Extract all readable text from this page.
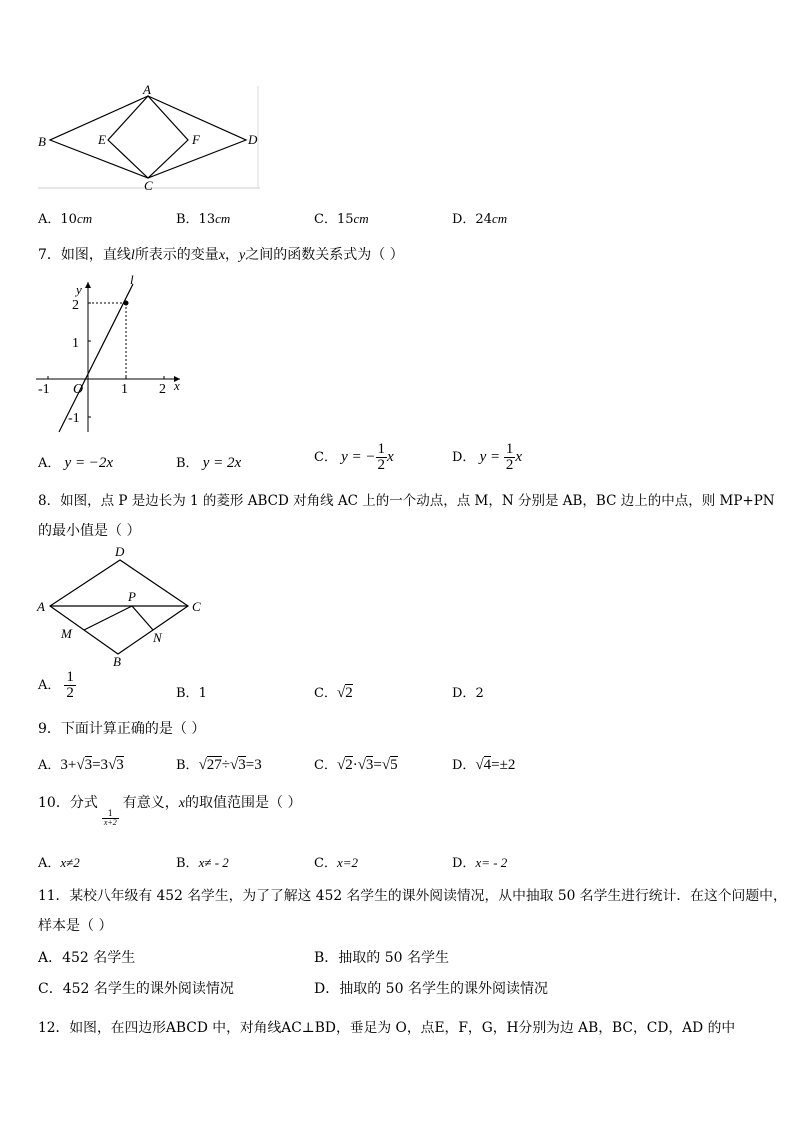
A
B	E	F	D
C
A．10cm	B．13cm	C．15cm	D．24cm
7．如图，直线l所表示的变量x，y之间的函数关系式为（ ）
l
y
x
O
2
1
-1
-1	1 2
A． y = −2x	B． y = 2x	C． y = − $\frac{1}{2}$ x	D． $y = \frac{1}{2}$ x
8．如图，点 P 是边长为 1 的菱形 ABCD 对角线 AC 上的一个动点，点 M，N 分别是 AB，BC 边上的中点，则 MP+PN
的最小值是（ ）
D
A
P
C
M	N
B
A． $\frac{1}{2}$	B．1	C．√2	D．2
9．下面计算正确的是（ ）
A．3+√3=3√3	B．√27÷√3=3	C．√2·√3=√5	D．√4=±2
10．分式
$\frac{1}{x+2}$
有意义，x的取值范围是（ ）
A．x≠2	B．x≠ - 2	C．x=2	D．x= - 2
11．某校八年级有 452 名学生，为了了解这 452 名学生的课外阅读情况，从中抽取 50 名学生进行统计．在这个问题中，
样本是（ ）
A．452 名学生	B．抽取的 50 名学生
C．452 名学生的课外阅读情况	D．抽取的 50 名学生的课外阅读情况
12．如图，在四边形ABCD 中，对角线AC⊥BD，垂足为 O，点E，F，G，H分别为边 AB，BC，CD，AD 的中
